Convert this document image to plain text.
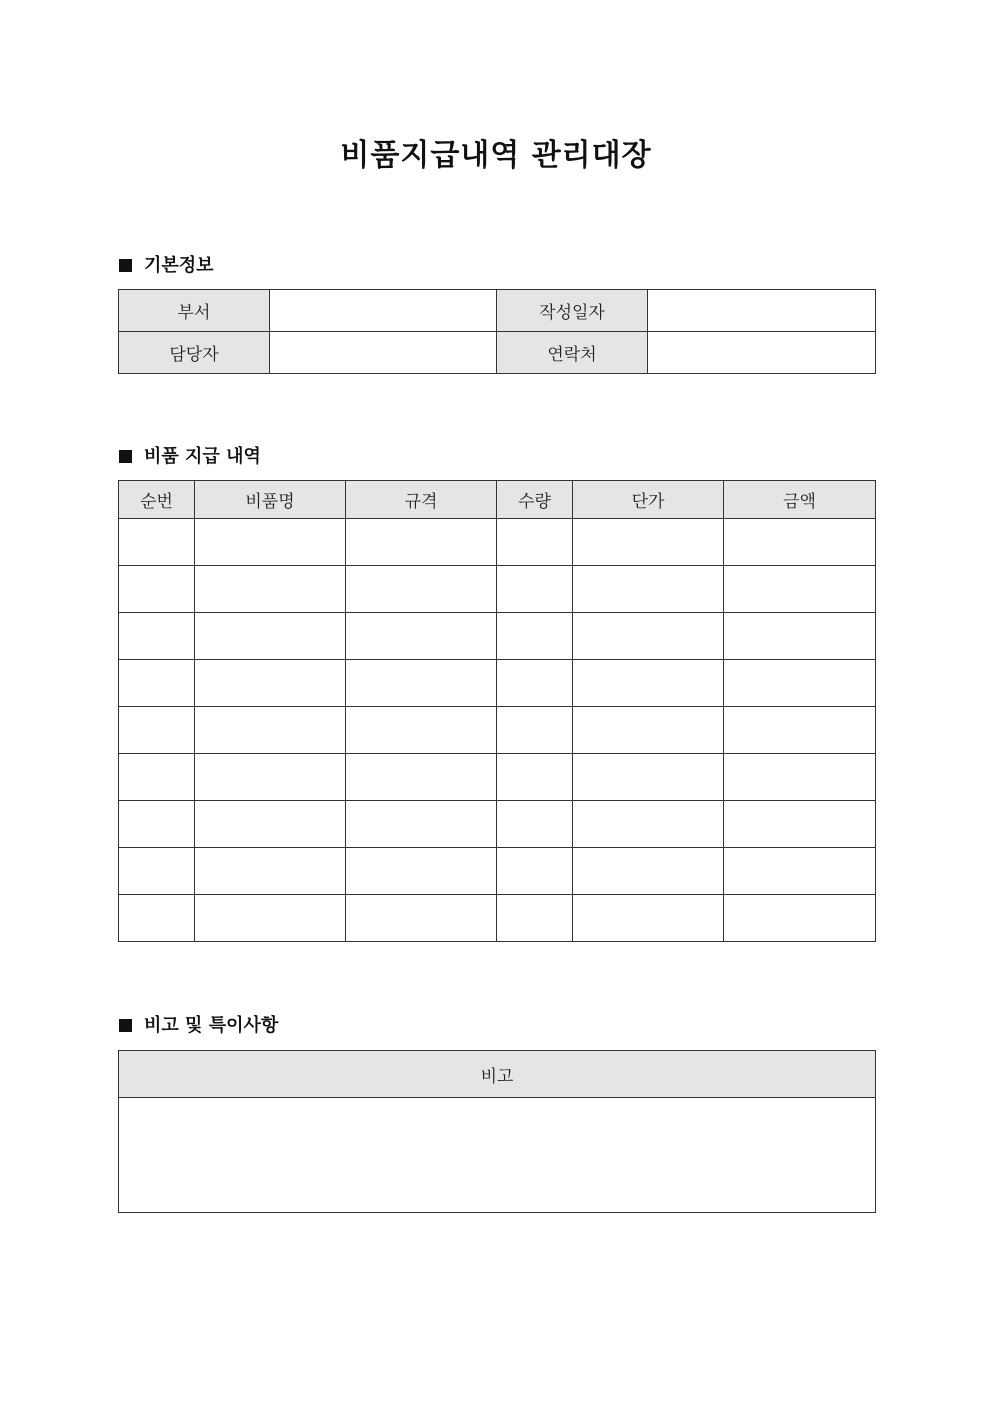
비품지급내역 관리대장
기본정보
부서		작성일자	
담당자		연락처	
비품 지급 내역
순번	비품명	규격	수량	단가	금액

비고 및 특이사항
비고
